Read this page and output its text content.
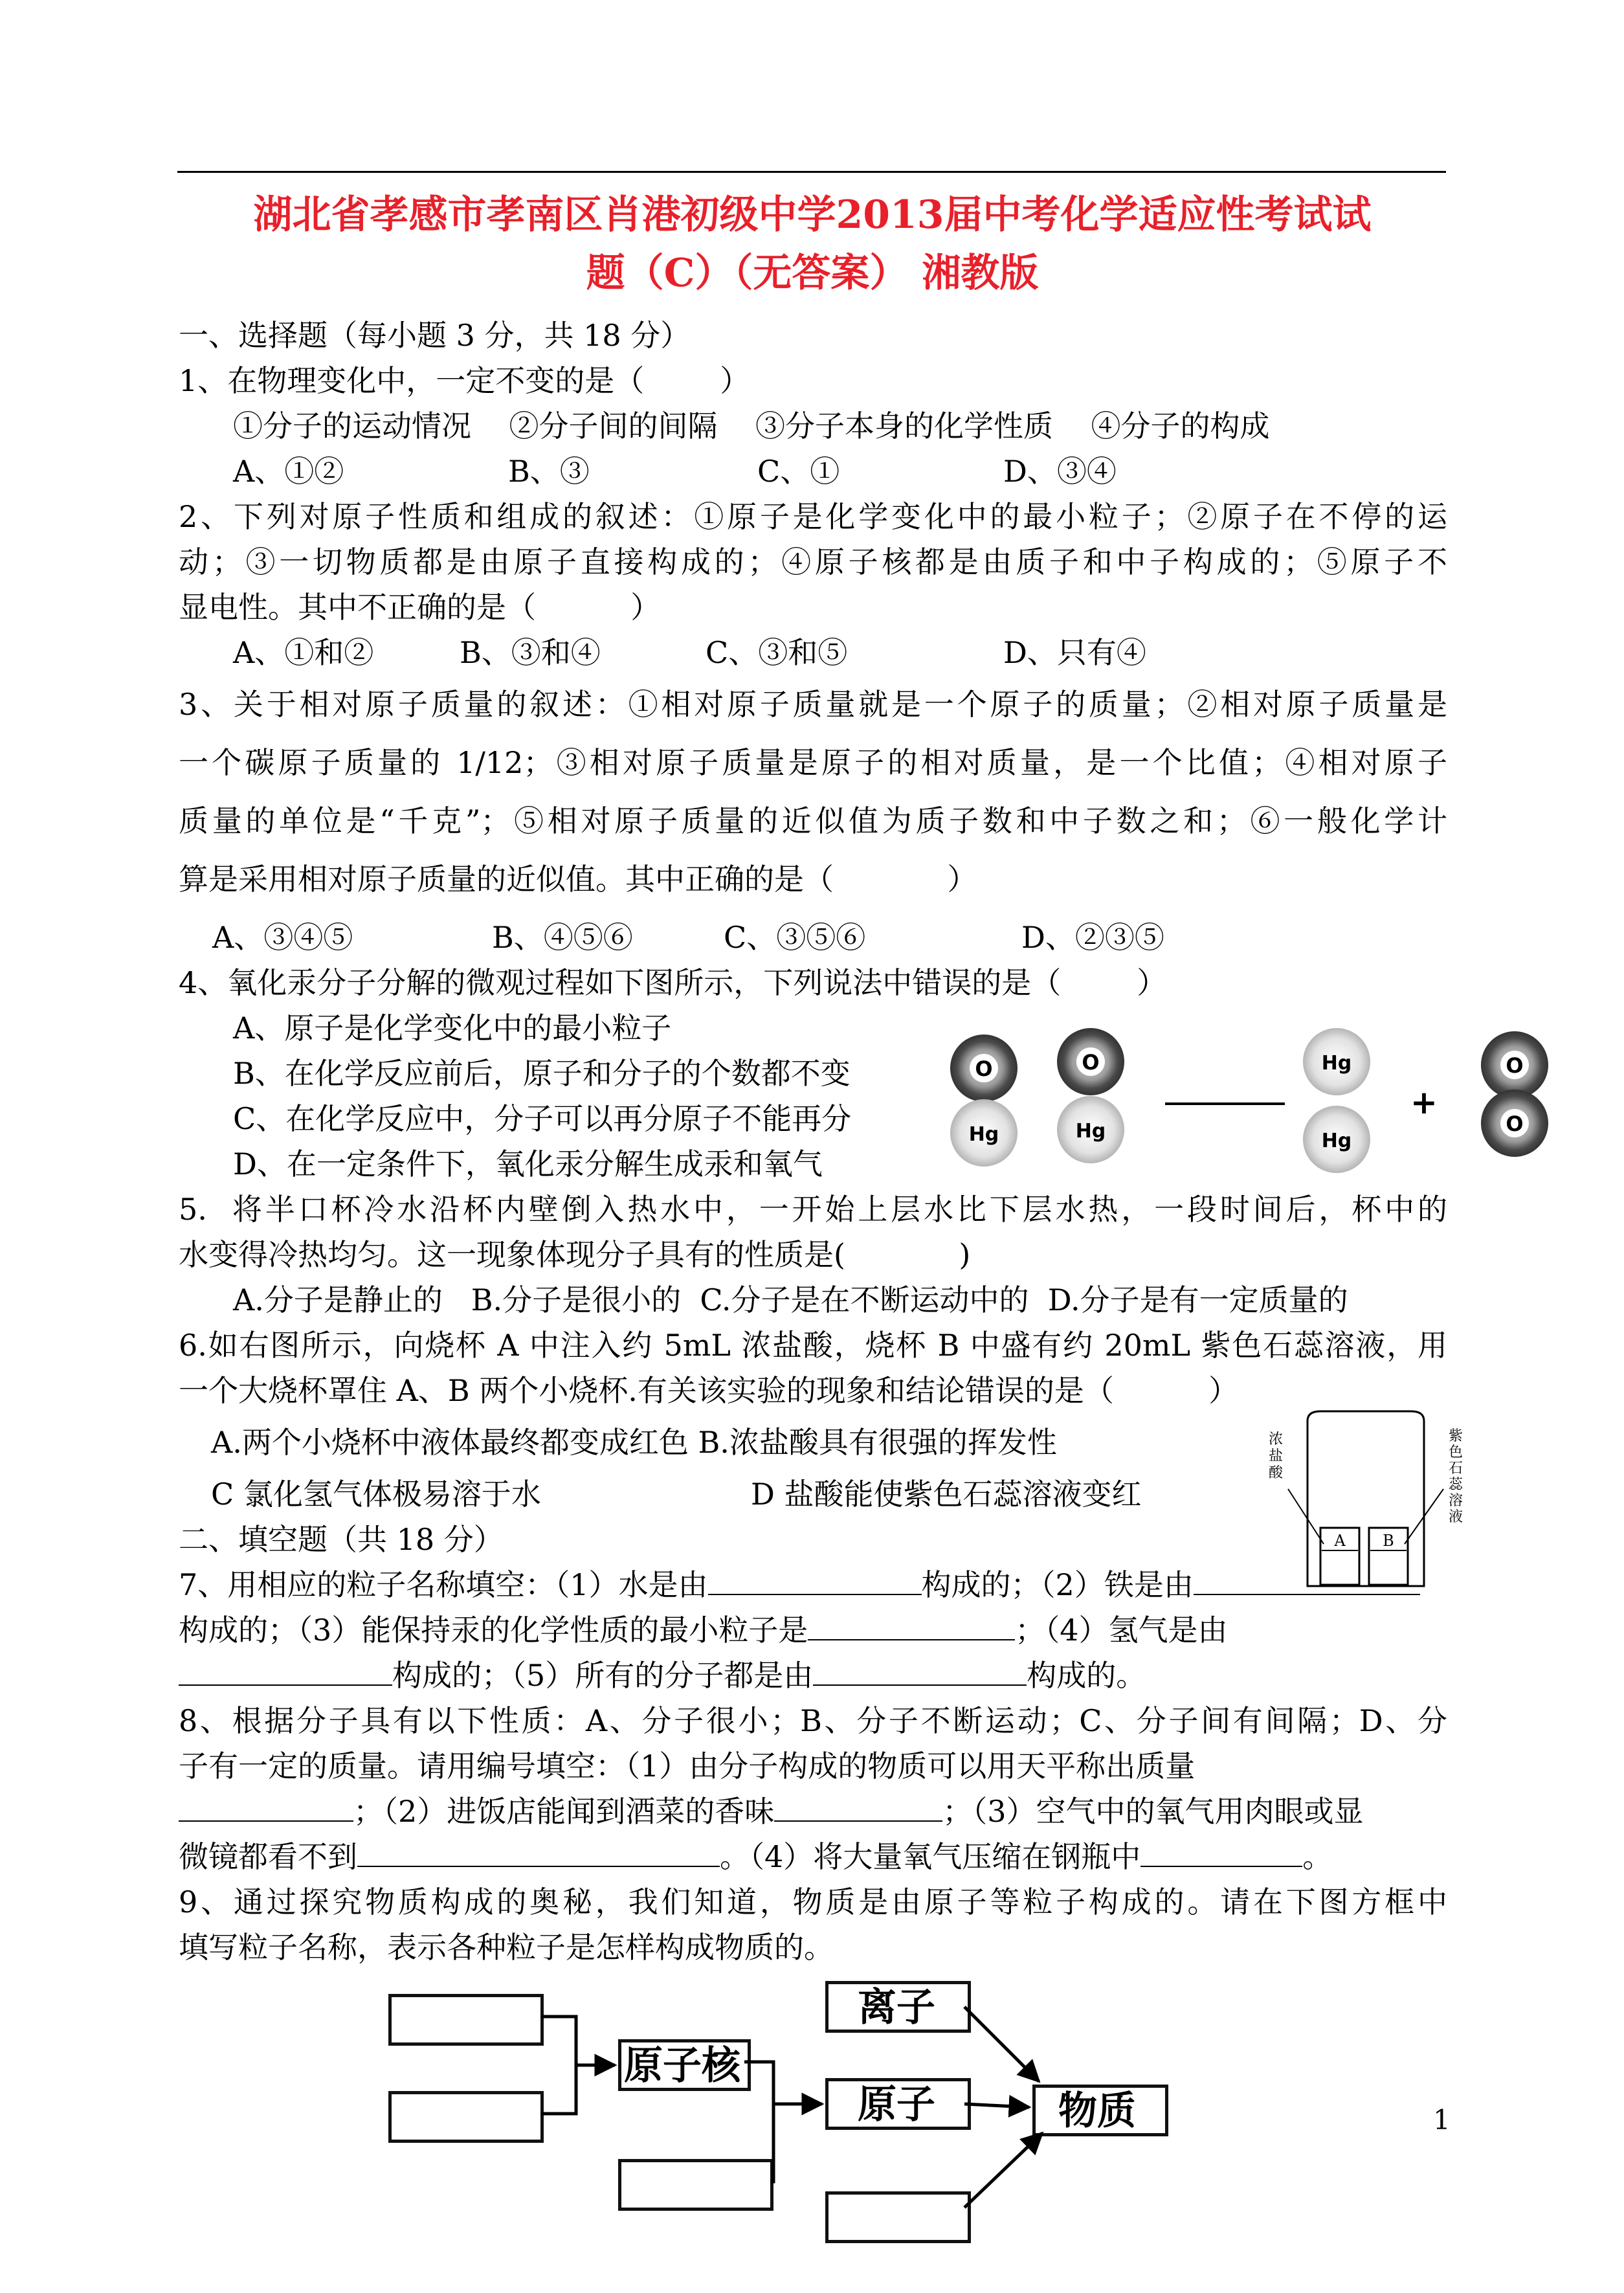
湖北省孝感市孝南区肖港初级中学2013届中考化学适应性考试试
题（C）（无答案） 湘教版
一、选择题（每小题 3 分，共 18 分）
1、在物理变化中，一定不变的是（        ）
①分子的运动情况    ②分子间的间隔    ③分子本身的化学性质    ④分子的构成
A、①②	B、③	C、①	D、③④
2、下列对原子性质和组成的叙述：①原子是化学变化中的最小粒子；②原子在不停的运
动；③一切物质都是由原子直接构成的；④原子核都是由质子和中子构成的；⑤原子不
显电性。其中不正确的是（          ）
A、①和②	B、③和④	C、③和⑤	D、只有④
3、关于相对原子质量的叙述：①相对原子质量就是一个原子的质量；②相对原子质量是
一个碳原子质量的 1/12；③相对原子质量是原子的相对质量，是一个比值；④相对原子
质量的单位是“千克”；⑤相对原子质量的近似值为质子数和中子数之和；⑥一般化学计
算是采用相对原子质量的近似值。其中正确的是（            ）
A、③④⑤	B、④⑤⑥	C、③⑤⑥	D、②③⑤
4、氧化汞分子分解的微观过程如下图所示，下列说法中错误的是（        ）
A、原子是化学变化中的最小粒子
B、在化学反应前后，原子和分子的个数都不变
C、在化学反应中，分子可以再分原子不能再分
D、在一定条件下，氧化汞分解生成汞和氧气
O
Hg
O
Hg
Hg
Hg
+
O
O
5.  将半口杯冷水沿杯内壁倒入热水中，一开始上层水比下层水热，一段时间后，杯中的
水变得冷热均匀。这一现象体现分子具有的性质是(            )
A.分子是静止的   B.分子是很小的  C.分子是在不断运动中的  D.分子是有一定质量的
6.如右图所示，向烧杯 A 中注入约 5mL 浓盐酸，烧杯 B 中盛有约 20mL 紫色石蕊溶液，用
一个大烧杯罩住 A、B 两个小烧杯.有关该实验的现象和结论错误的是（          ）
A.两个小烧杯中液体最终都变成红色 B.浓盐酸具有很强的挥发性
C 氯化氢气体极易溶于水	D 盐酸能使紫色石蕊溶液变红
A B
浓
盐
酸
紫
色
石
蕊
溶
液
二、填空题（共 18 分）
7、用相应的粒子名称填空：（1）水是由	构成的；（2）铁是由
构成的；（3）能保持汞的化学性质的最小粒子是	；（4）氢气是由
构成的；（5）所有的分子都是由	构成的。
8、根据分子具有以下性质：A、分子很小；B、分子不断运动；C、分子间有间隔；D、分
子有一定的质量。请用编号填空：（1）由分子构成的物质可以用天平称出质量
；（2）进饭店能闻到酒菜的香味	；（3）空气中的氧气用肉眼或显
微镜都看不到	。（4）将大量氧气压缩在钢瓶中	。
9、通过探究物质构成的奥秘，我们知道，物质是由原子等粒子构成的。请在下图方框中
填写粒子名称，表示各种粒子是怎样构成物质的。
原子核
离子
原子	物质	1
